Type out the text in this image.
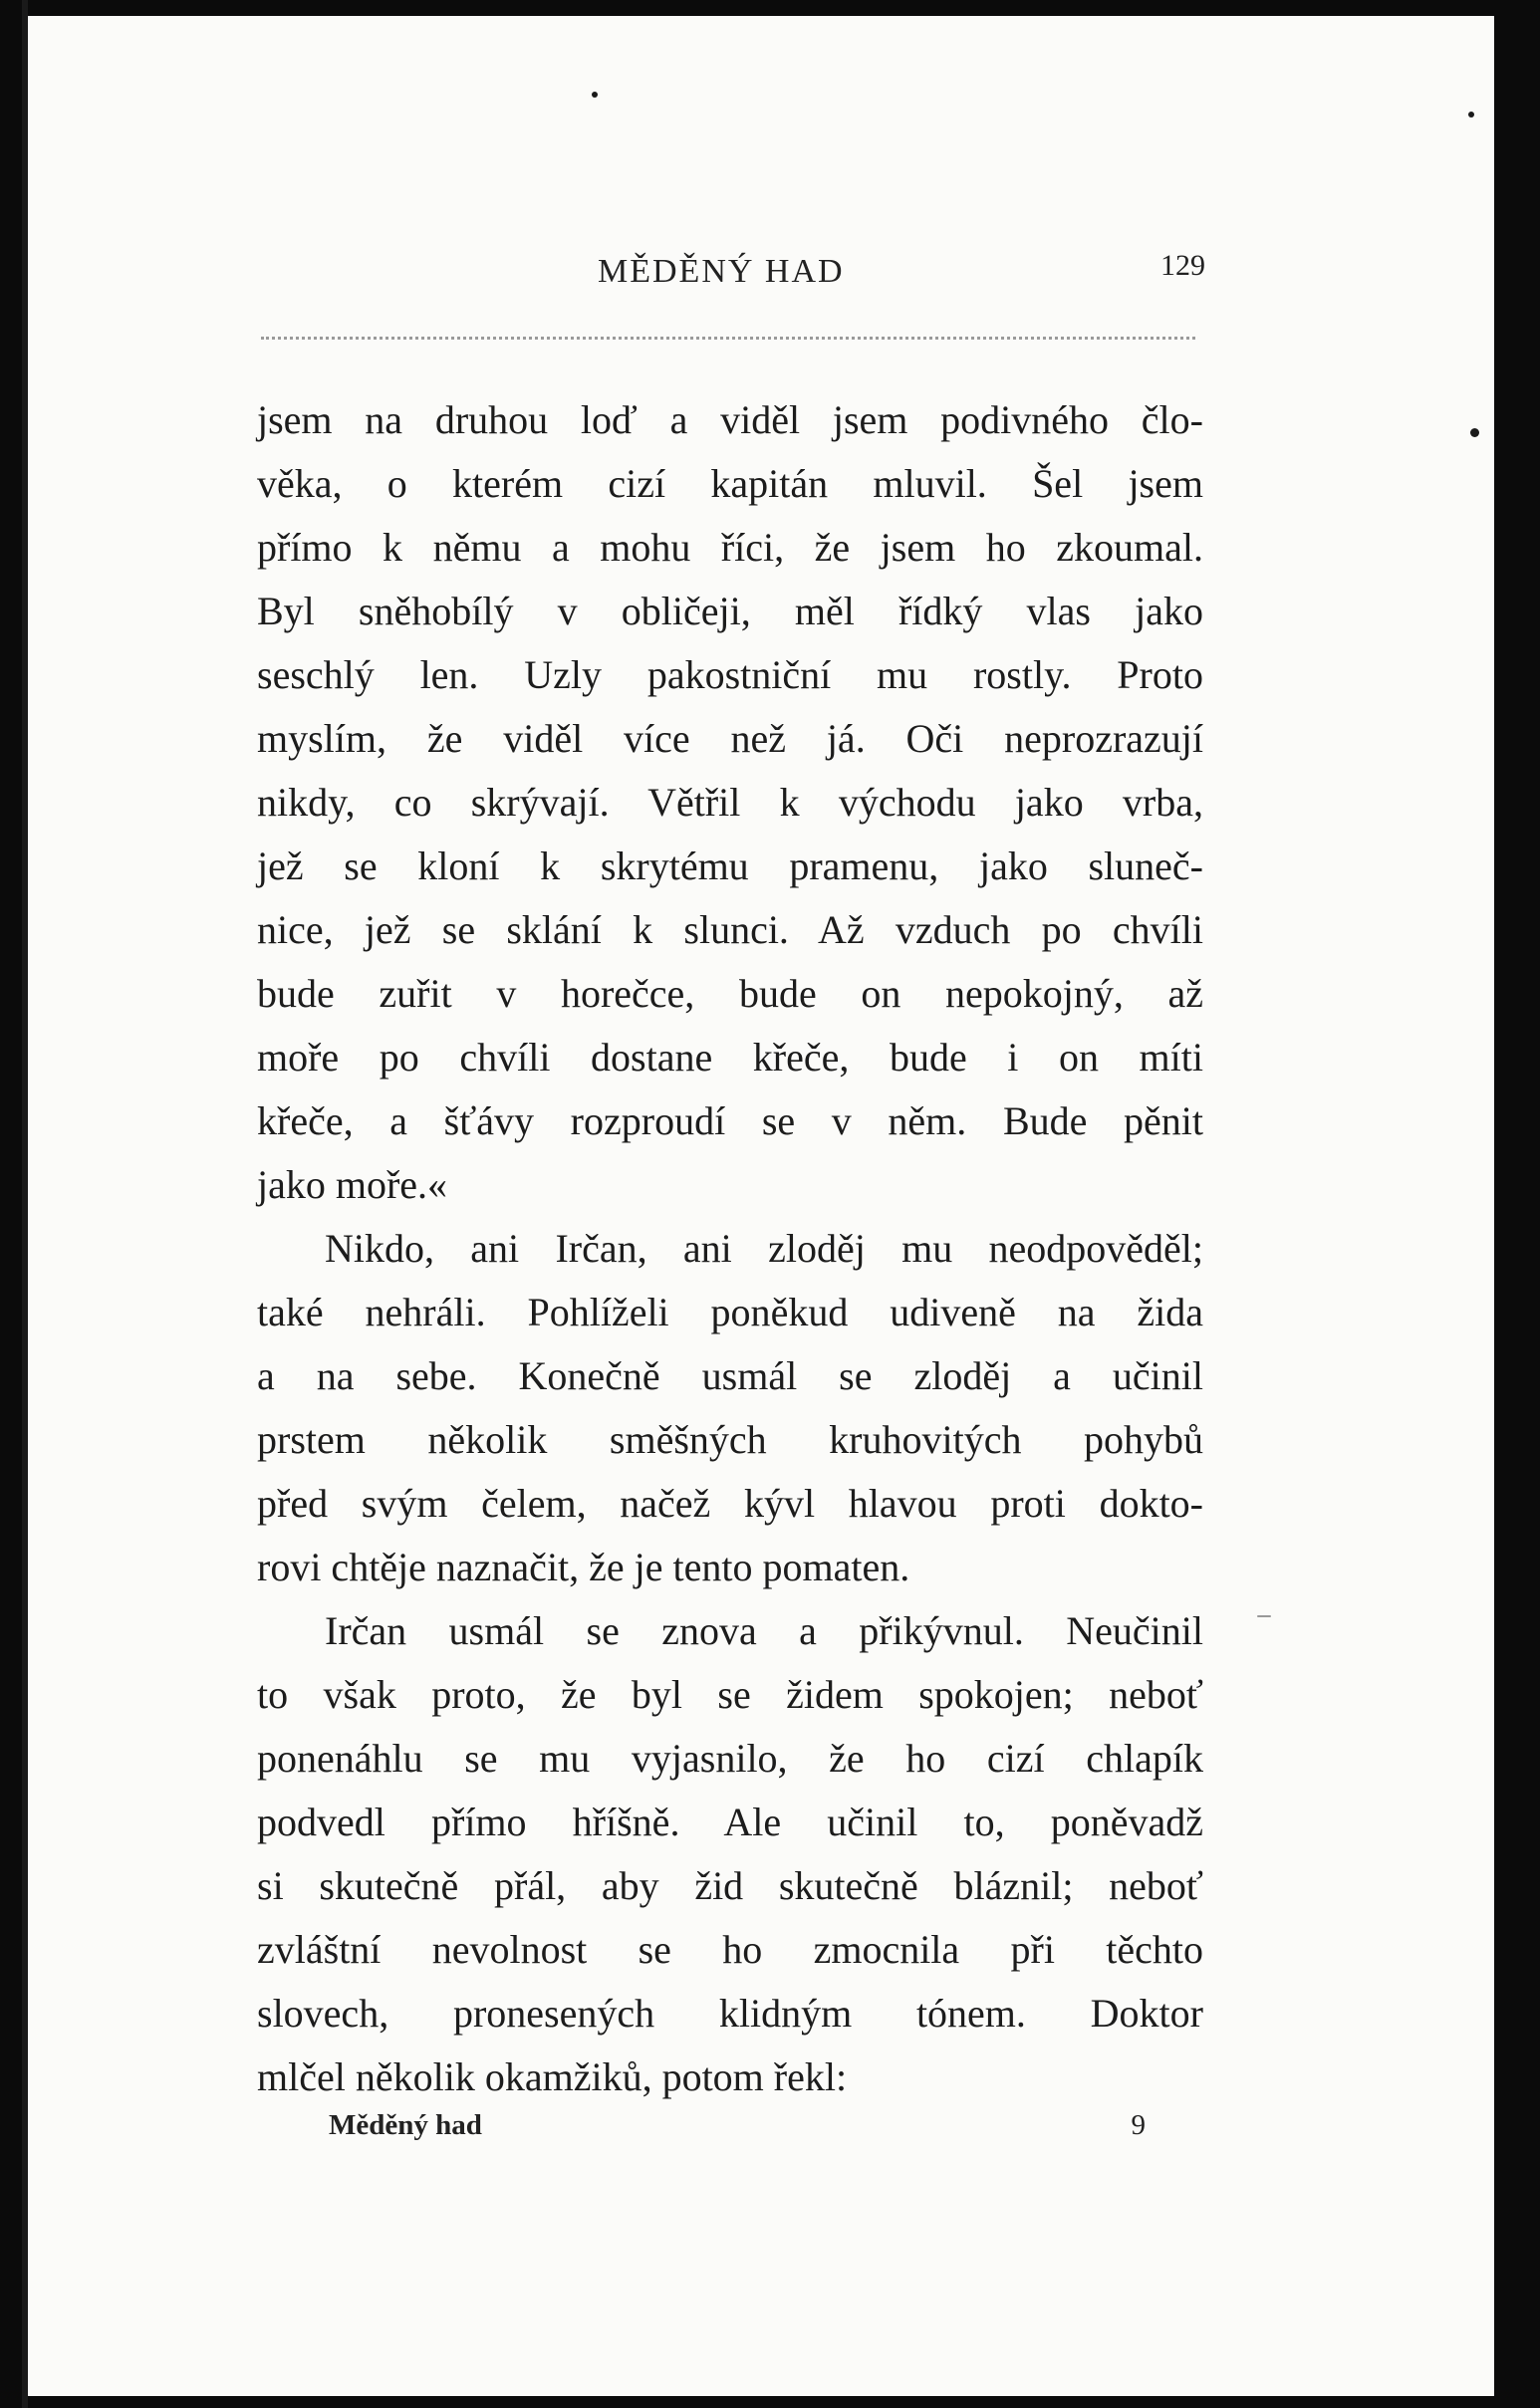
MĚDĚNÝ HAD	129
jsem na druhou loď a viděl jsem podivného člo-
věka, o kterém cizí kapitán mluvil. Šel jsem
přímo k němu a mohu říci, že jsem ho zkoumal.
Byl sněhobílý v obličeji, měl řídký vlas jako
seschlý len. Uzly pakostniční mu rostly. Proto
myslím, že viděl více než já. Oči neprozrazují
nikdy, co skrývají. Větřil k východu jako vrba,
jež se kloní k skrytému pramenu, jako sluneč-
nice, jež se sklání k slunci. Až vzduch po chvíli
bude zuřit v horečce, bude on nepokojný, až
moře po chvíli dostane křeče, bude i on míti
křeče, a šťávy rozproudí se v něm. Bude pěnit
jako moře.«
Nikdo, ani Irčan, ani zloděj mu neodpověděl;
také nehráli. Pohlíželi poněkud udiveně na žida
a na sebe. Konečně usmál se zloděj a učinil
prstem několik směšných kruhovitých pohybů
před svým čelem, načež kývl hlavou proti dokto-
rovi chtěje naznačit, že je tento pomaten.
Irčan usmál se znova a přikývnul. Neučinil
to však proto, že byl se židem spokojen; neboť
ponenáhlu se mu vyjasnilo, že ho cizí chlapík
podvedl přímo hříšně. Ale učinil to, poněvadž
si skutečně přál, aby žid skutečně bláznil; neboť
zvláštní nevolnost se ho zmocnila při těchto
slovech, pronesených klidným tónem. Doktor
mlčel několik okamžiků, potom řekl:
Měděný had	9
